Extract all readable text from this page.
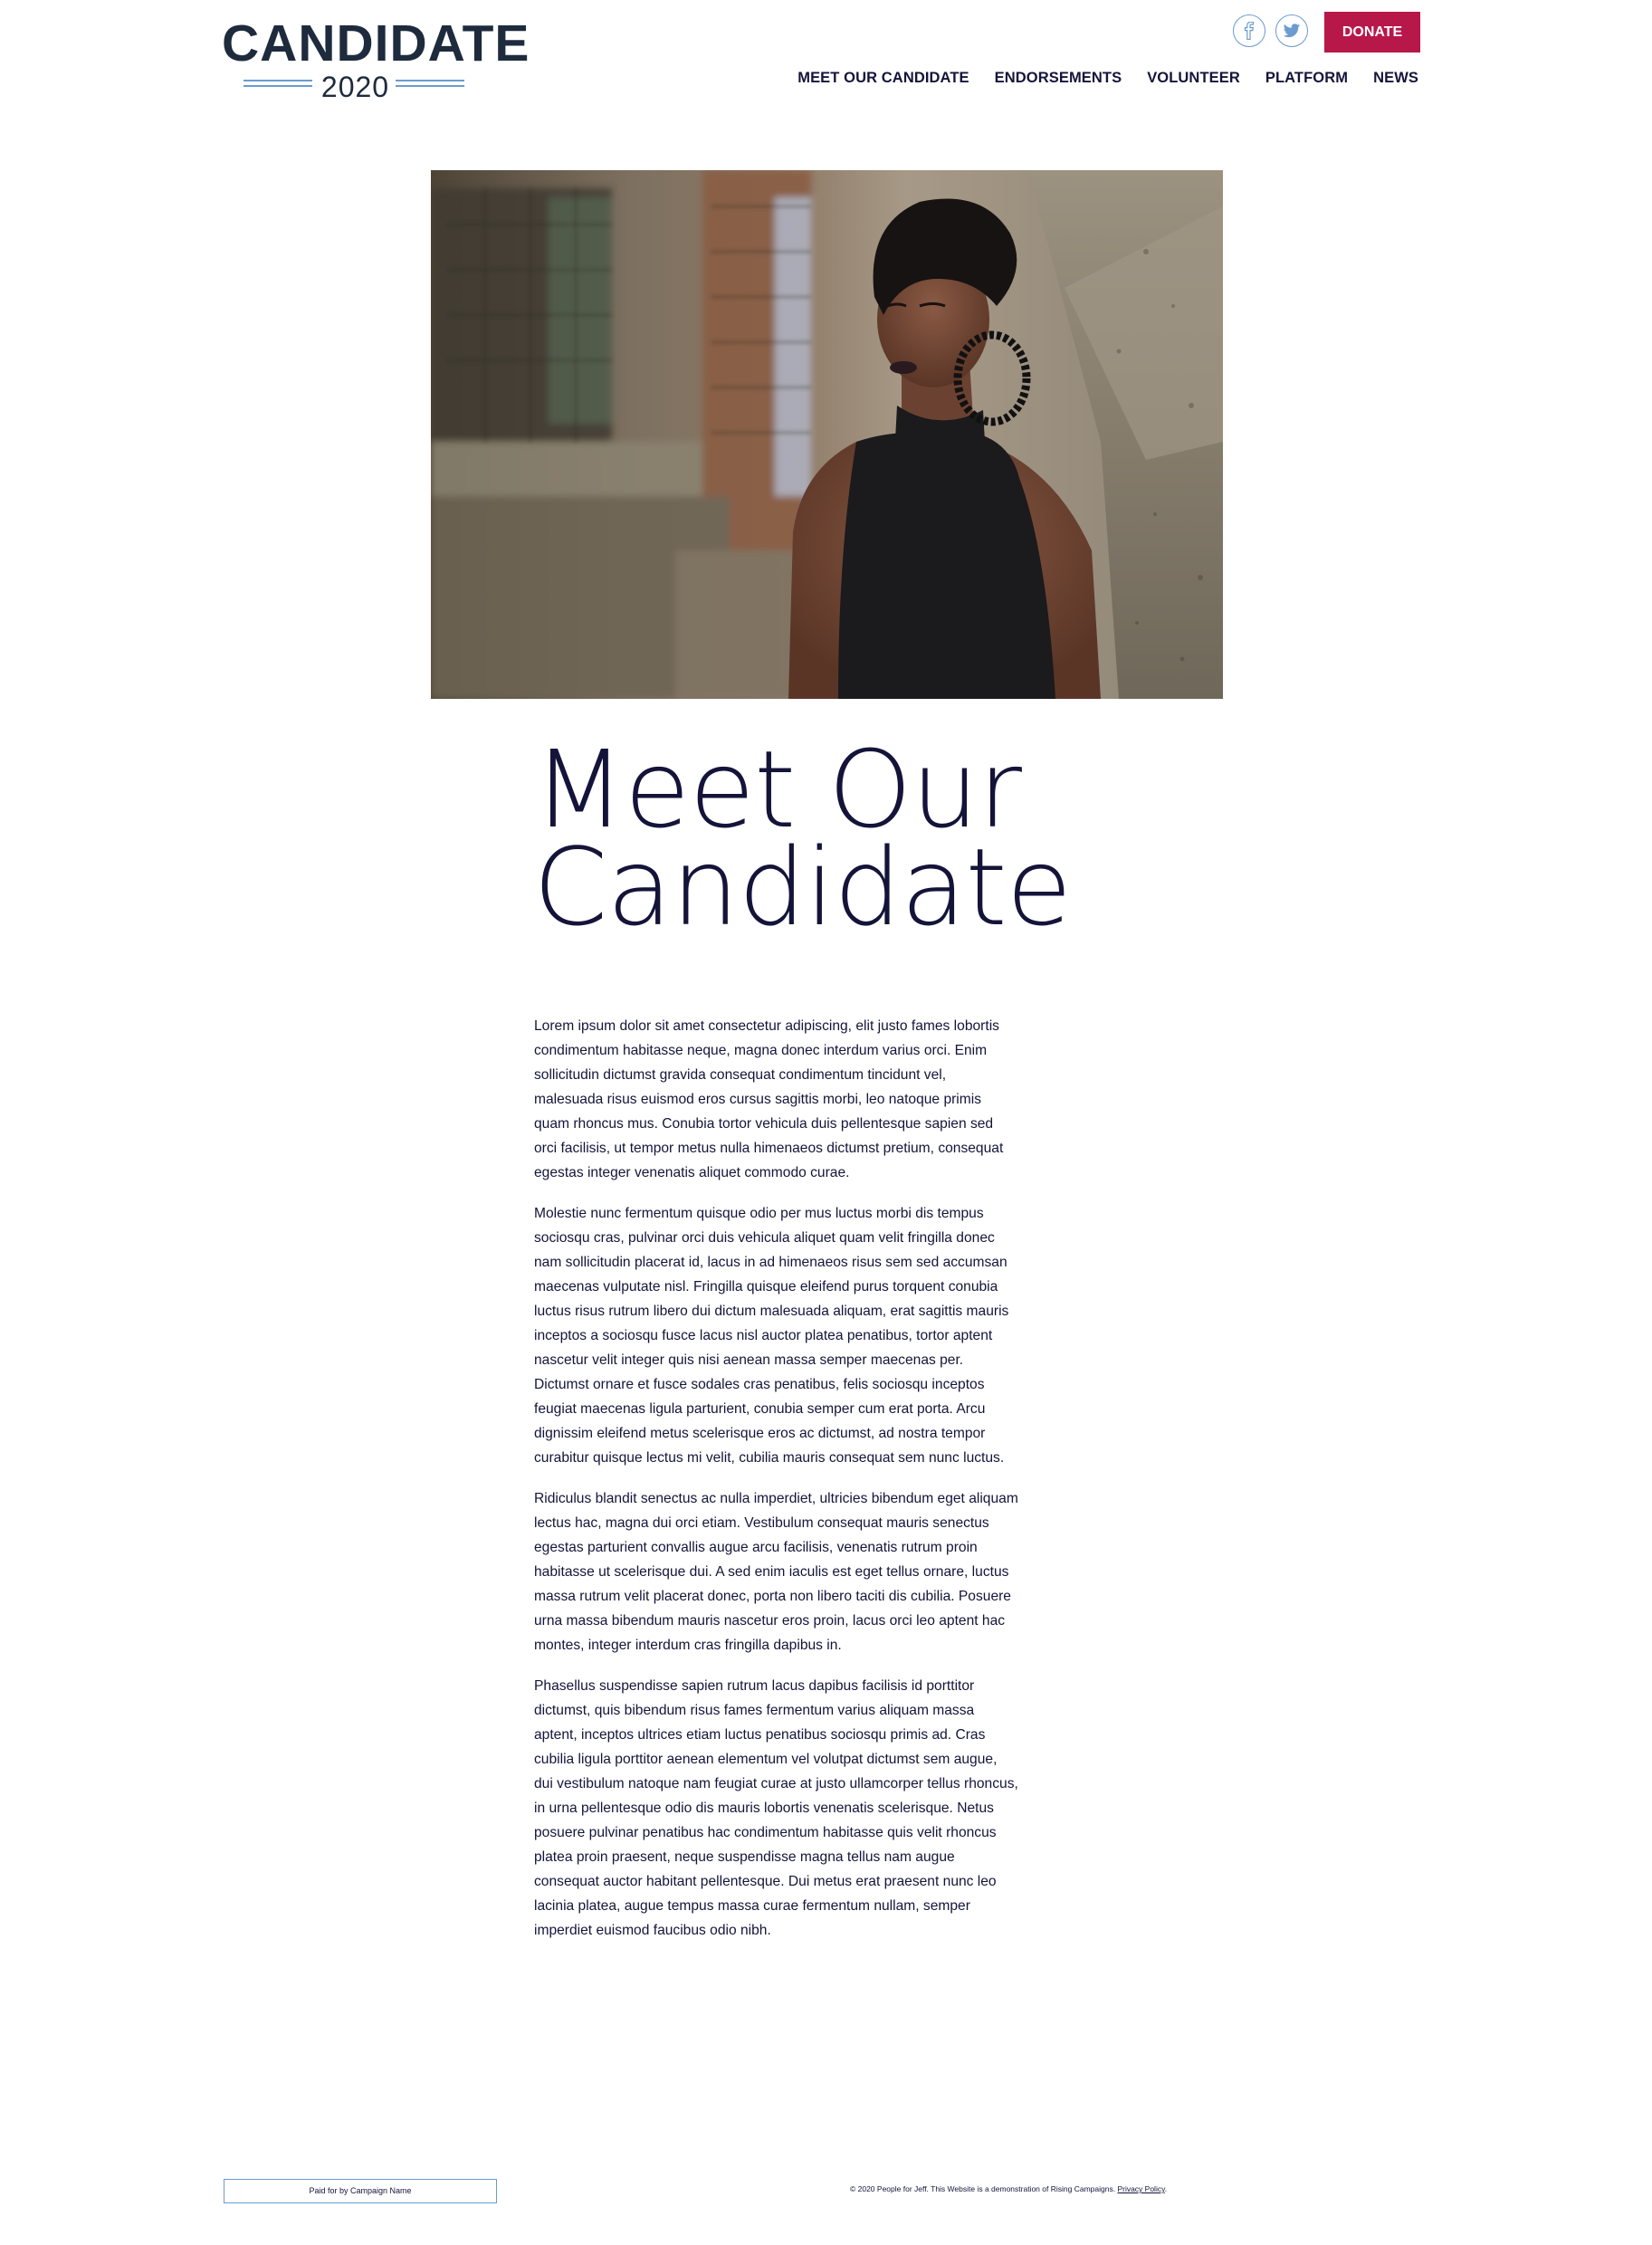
CANDIDATE
2020
DONATE
MEET OUR CANDIDATE ENDORSEMENTS VOLUNTEER PLATFORM NEWS
Meet Our
Candidate

Lorem ipsum dolor sit amet consectetur adipiscing, elit justo fames lobortis condimentum habitasse neque, magna donec interdum varius orci. Enim sollicitudin dictumst gravida consequat condimentum tincidunt vel, malesuada risus euismod eros cursus sagittis morbi, leo natoque primis quam rhoncus mus. Conubia tortor vehicula duis pellentesque sapien sed orci facilisis, ut tempor metus nulla himenaeos dictumst pretium, consequat egestas integer venenatis aliquet commodo curae.

Molestie nunc fermentum quisque odio per mus luctus morbi dis tempus sociosqu cras, pulvinar orci duis vehicula aliquet quam velit fringilla donec nam sollicitudin placerat id, lacus in ad himenaeos risus sem sed accumsan maecenas vulputate nisl. Fringilla quisque eleifend purus torquent conubia luctus risus rutrum libero dui dictum malesuada aliquam, erat sagittis mauris inceptos a sociosqu fusce lacus nisl auctor platea penatibus, tortor aptent nascetur velit integer quis nisi aenean massa semper maecenas per. Dictumst ornare et fusce sodales cras penatibus, felis sociosqu inceptos feugiat maecenas ligula parturient, conubia semper cum erat porta. Arcu dignissim eleifend metus scelerisque eros ac dictumst, ad nostra tempor curabitur quisque lectus mi velit, cubilia mauris consequat sem nunc luctus.

Ridiculus blandit senectus ac nulla imperdiet, ultricies bibendum eget aliquam lectus hac, magna dui orci etiam. Vestibulum consequat mauris senectus egestas parturient convallis augue arcu facilisis, venenatis rutrum proin habitasse ut scelerisque dui. A sed enim iaculis est eget tellus ornare, luctus massa rutrum velit placerat donec, porta non libero taciti dis cubilia. Posuere urna massa bibendum mauris nascetur eros proin, lacus orci leo aptent hac montes, integer interdum cras fringilla dapibus in.

Phasellus suspendisse sapien rutrum lacus dapibus facilisis id porttitor dictumst, quis bibendum risus fames fermentum varius aliquam massa aptent, inceptos ultrices etiam luctus penatibus sociosqu primis ad. Cras cubilia ligula porttitor aenean elementum vel volutpat dictumst sem augue, dui vestibulum natoque nam feugiat curae at justo ullamcorper tellus rhoncus, in urna pellentesque odio dis mauris lobortis venenatis scelerisque. Netus posuere pulvinar penatibus hac condimentum habitasse quis velit rhoncus platea proin praesent, neque suspendisse magna tellus nam augue consequat auctor habitant pellentesque. Dui metus erat praesent nunc leo lacinia platea, augue tempus massa curae fermentum nullam, semper imperdiet euismod faucibus odio nibh.

Paid for by Campaign Name	© 2020 People for Jeff. This Website is a demonstration of Rising Campaigns. Privacy Policy.
